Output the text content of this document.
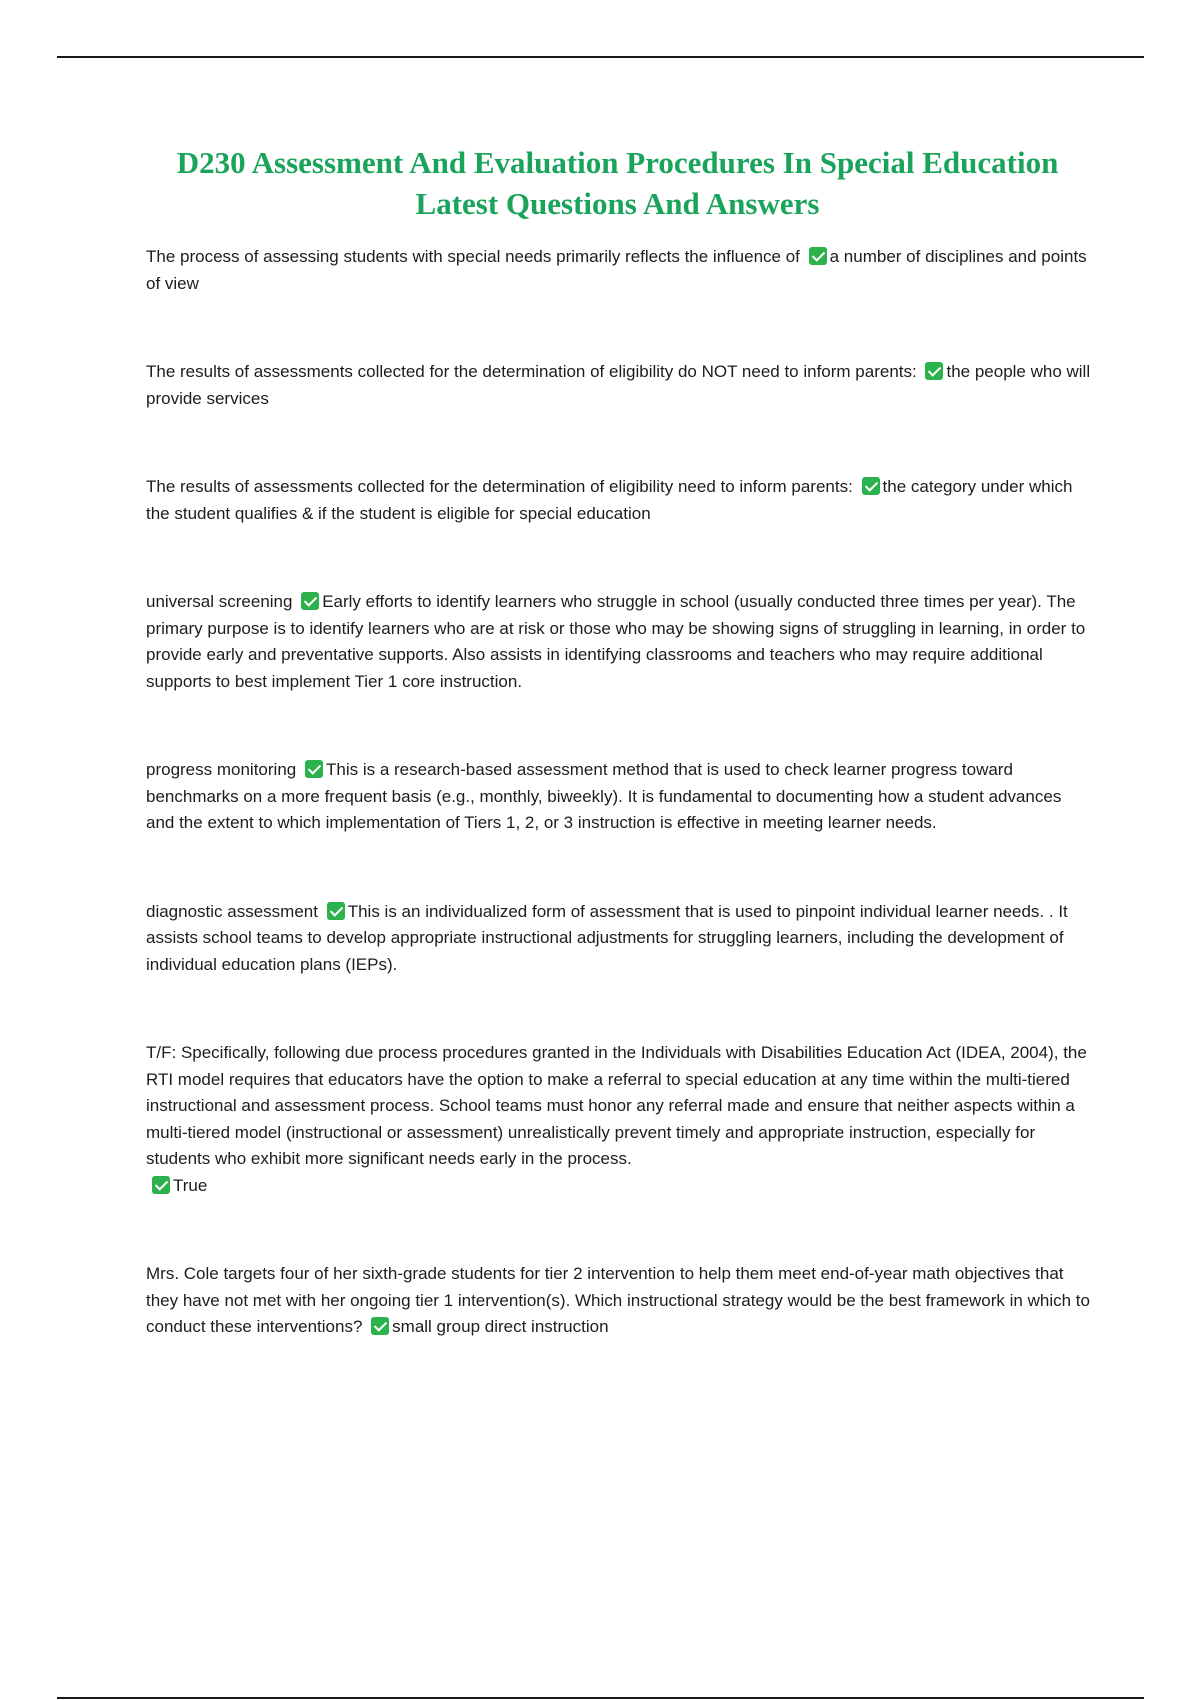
D230 Assessment And Evaluation Procedures In Special Education
Latest Questions And Answers

The process of assessing students with special needs primarily reflects the influence of a number of disciplines and points of view

The results of assessments collected for the determination of eligibility do NOT need to inform parents: the people who will provide services

The results of assessments collected for the determination of eligibility need to inform parents: the category under which the student qualifies & if the student is eligible for special education

universal screening Early efforts to identify learners who struggle in school (usually conducted three times per year). The primary purpose is to identify learners who are at risk or those who may be showing signs of struggling in learning, in order to provide early and preventative supports. Also assists in identifying classrooms and teachers who may require additional supports to best implement Tier 1 core instruction.

progress monitoring This is a research-based assessment method that is used to check learner progress toward benchmarks on a more frequent basis (e.g., monthly, biweekly). It is fundamental to documenting how a student advances and the extent to which implementation of Tiers 1, 2, or 3 instruction is effective in meeting learner needs.

diagnostic assessment This is an individualized form of assessment that is used to pinpoint individual learner needs. . It assists school teams to develop appropriate instructional adjustments for struggling learners, including the development of individual education plans (IEPs).

T/F: Specifically, following due process procedures granted in the Individuals with Disabilities Education Act (IDEA, 2004), the RTI model requires that educators have the option to make a referral to special education at any time within the multi-tiered instructional and assessment process. School teams must honor any referral made and ensure that neither aspects within a multi-tiered model (instructional or assessment) unrealistically prevent timely and appropriate instruction, especially for students who exhibit more significant needs early in the process.
True

Mrs. Cole targets four of her sixth-grade students for tier 2 intervention to help them meet end-of-year math objectives that they have not met with her ongoing tier 1 intervention(s). Which instructional strategy would be the best framework in which to conduct these interventions? small group direct instruction
